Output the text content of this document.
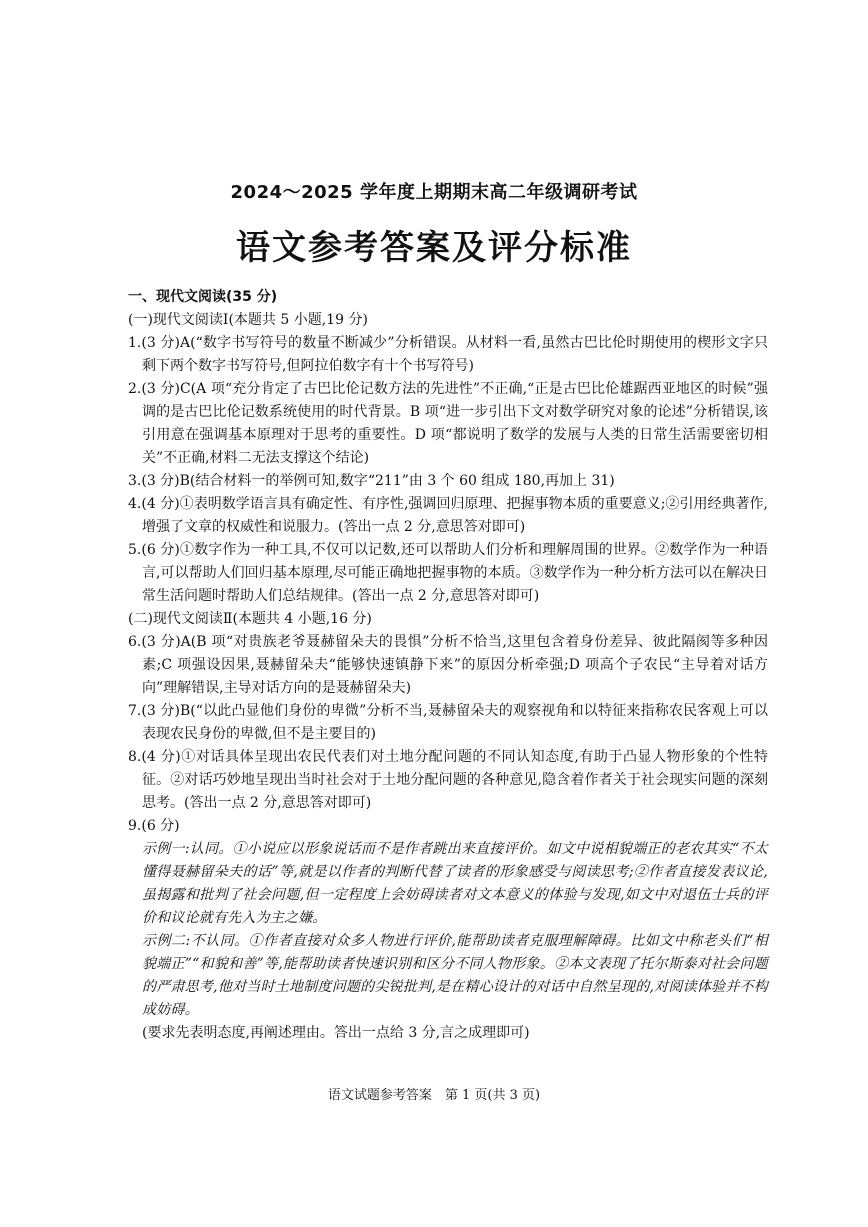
2024～2025 学年度上期期末高二年级调研考试
语文参考答案及评分标准

一、现代文阅读(35 分)

(一)现代文阅读Ⅰ(本题共 5 小题,19 分)

1.(3 分)A(“数字书写符号的数量不断减少”分析错误。从材料一看,虽然古巴比伦时期使用的楔形文字只剩下两个数字书写符号,但阿拉伯数字有十个书写符号)

2.(3 分)C(A 项“充分肯定了古巴比伦记数方法的先进性”不正确,“正是古巴比伦雄踞西亚地区的时候”强调的是古巴比伦记数系统使用的时代背景。B 项“进一步引出下文对数学研究对象的论述”分析错误,该引用意在强调基本原理对于思考的重要性。D 项“都说明了数学的发展与人类的日常生活需要密切相关”不正确,材料二无法支撑这个结论)

3.(3 分)B(结合材料一的举例可知,数字“211”由 3 个 60 组成 180,再加上 31)

4.(4 分)①表明数学语言具有确定性、有序性,强调回归原理、把握事物本质的重要意义;②引用经典著作,增强了文章的权威性和说服力。(答出一点 2 分,意思答对即可)

5.(6 分)①数字作为一种工具,不仅可以记数,还可以帮助人们分析和理解周围的世界。②数学作为一种语言,可以帮助人们回归基本原理,尽可能正确地把握事物的本质。③数学作为一种分析方法可以在解决日常生活问题时帮助人们总结规律。(答出一点 2 分,意思答对即可)

(二)现代文阅读Ⅱ(本题共 4 小题,16 分)

6.(3 分)A(B 项“对贵族老爷聂赫留朵夫的畏惧”分析不恰当,这里包含着身份差异、彼此隔阂等多种因素;C 项强设因果,聂赫留朵夫“能够快速镇静下来”的原因分析牵强;D 项高个子农民“主导着对话方向”理解错误,主导对话方向的是聂赫留朵夫)

7.(3 分)B(“以此凸显他们身份的卑微”分析不当,聂赫留朵夫的观察视角和以特征来指称农民客观上可以表现农民身份的卑微,但不是主要目的)

8.(4 分)①对话具体呈现出农民代表们对土地分配问题的不同认知态度,有助于凸显人物形象的个性特征。②对话巧妙地呈现出当时社会对于土地分配问题的各种意见,隐含着作者关于社会现实问题的深刻思考。(答出一点 2 分,意思答对即可)

9.(6 分)

示例一:认同。①小说应以形象说话而不是作者跳出来直接评价。如文中说相貌端正的老农其实“不太懂得聂赫留朵夫的话”等,就是以作者的判断代替了读者的形象感受与阅读思考;②作者直接发表议论,虽揭露和批判了社会问题,但一定程度上会妨碍读者对文本意义的体验与发现,如文中对退伍士兵的评价和议论就有先入为主之嫌。

示例二:不认同。①作者直接对众多人物进行评价,能帮助读者克服理解障碍。比如文中称老头们“相貌端正”“和貌和善”等,能帮助读者快速识别和区分不同人物形象。②本文表现了托尔斯泰对社会问题的严肃思考,他对当时土地制度问题的尖锐批判,是在精心设计的对话中自然呈现的,对阅读体验并不构成妨碍。

(要求先表明态度,再阐述理由。答出一点给 3 分,言之成理即可)

语文试题参考答案　第 1 页(共 3 页)
